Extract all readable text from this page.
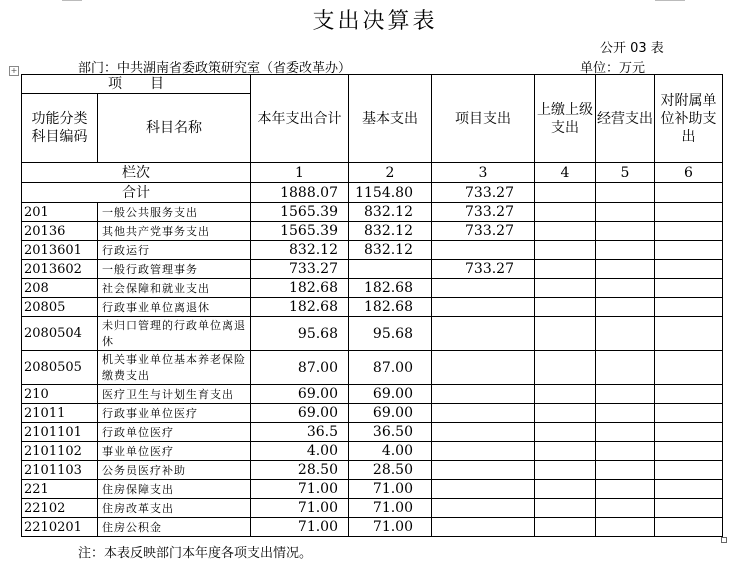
支出决算表
公开 03 表
部门：中共湖南省委政策研究室（省委改革办）	单位：万元
+
项　　目		本年支出合计	基本支出	项目支出	上缴上级支出	经营支出	对附属单位补助支出
功能分类科目编码	科目名称						
栏次		1	2	3	4	5	6
合计		1888.07	1154.80	733.27			
201	一般公共服务支出	1565.39	832.12	733.27			
20136	其他共产党事务支出	1565.39	832.12	733.27			
2013601	行政运行	832.12	832.12				
2013602	一般行政管理事务	733.27		733.27			
208	社会保障和就业支出	182.68	182.68				
20805	行政事业单位离退休	182.68	182.68				
2080504	未归口管理的行政单位离退休	95.68	95.68				
2080505	机关事业单位基本养老保险缴费支出	87.00	87.00				
210	医疗卫生与计划生育支出	69.00	69.00				
21011	行政事业单位医疗	69.00	69.00				
2101101	行政单位医疗	36.5	36.50				
2101102	事业单位医疗	4.00	4.00				
2101103	公务员医疗补助	28.50	28.50				
221	住房保障支出	71.00	71.00				
22102	住房改革支出	71.00	71.00				
2210201	住房公积金	71.00	71.00				
注：本表反映部门本年度各项支出情况。
